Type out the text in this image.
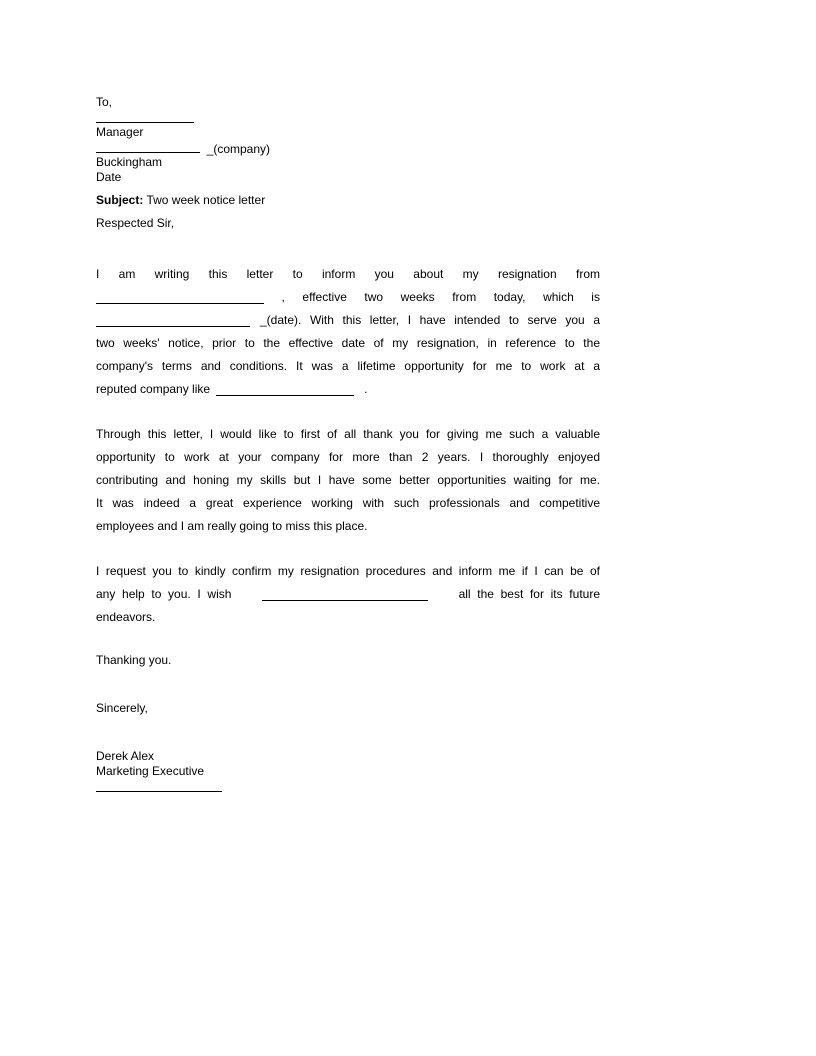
To,
Manager
_(company)
Buckingham
Date
Subject: Two week notice letter
Respected Sir,
I am writing this letter to inform you about my resignation from
, effective two weeks from today, which is
_(date). With this letter, I have intended to serve you a
two weeks' notice, prior to the effective date of my resignation, in reference to the
company's terms and conditions. It was a lifetime opportunity for me to work at a
reputed company like	.
Through this letter, I would like to first of all thank you for giving me such a valuable
opportunity to work at your company for more than 2 years. I thoroughly enjoyed
contributing and honing my skills but I have some better opportunities waiting for me.
It was indeed a great experience working with such professionals and competitive
employees and I am really going to miss this place.
I request you to kindly confirm my resignation procedures and inform me if I can be of
any  help  to  you.  I  wish	all  the  best  for  its  future
endeavors.
Thanking you.
Sincerely,
Derek Alex
Marketing Executive
